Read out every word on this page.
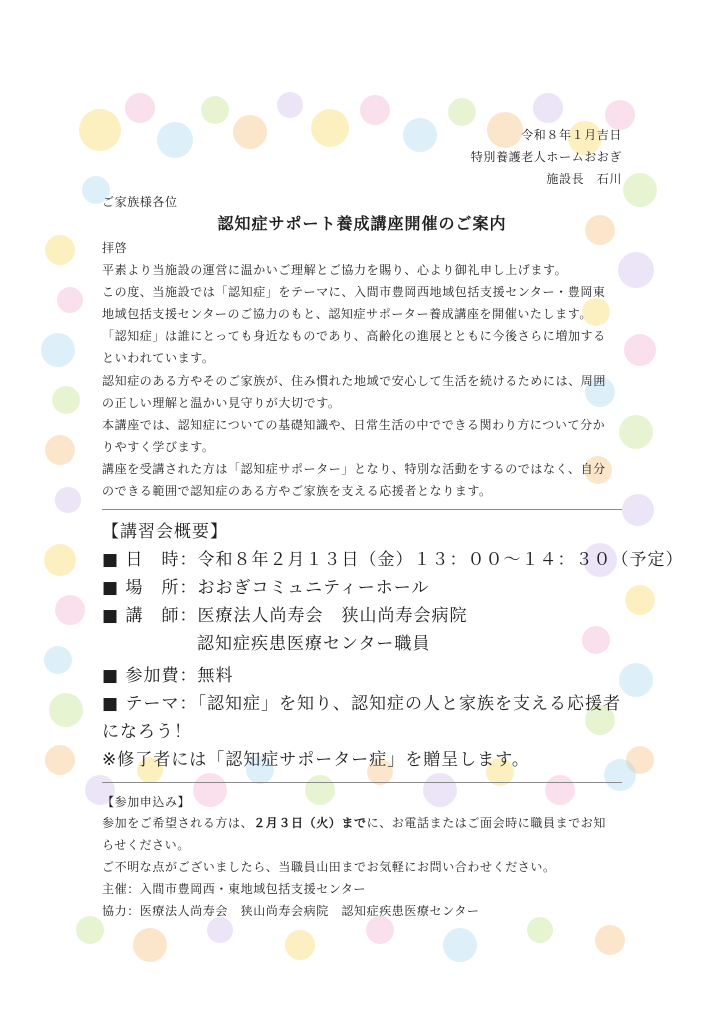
令和８年１月吉日
特別養護老人ホームおおぎ
施設長　石川
ご家族様各位
認知症サポート養成講座開催のご案内
拝啓
平素より当施設の運営に温かいご理解とご協力を賜り、心より御礼申し上げます。
この度、当施設では「認知症」をテーマに、入間市豊岡西地域包括支援センター・豊岡東
地域包括支援センターのご協力のもと、認知症サポーター養成講座を開催いたします。
「認知症」は誰にとっても身近なものであり、高齢化の進展とともに今後さらに増加する
といわれています。
認知症のある方やそのご家族が、住み慣れた地域で安心して生活を続けるためには、周囲
の正しい理解と温かい見守りが大切です。
本講座では、認知症についての基礎知識や、日常生活の中でできる関わり方について分か
りやすく学びます。
講座を受講された方は「認知症サポーター」となり、特別な活動をするのではなく、自分
のできる範囲で認知症のある方やご家族を支える応援者となります。
【講習会概要】
■ 日　時：令和８年２月１３日（金）１３：００〜１４：３０（予定）
■ 場　所：おおぎコミュニティーホール
■ 講　師：医療法人尚寿会　狭山尚寿会病院
認知症疾患医療センター職員
■ 参加費：無料
■ テーマ：「認知症」を知り、認知症の人と家族を支える応援者
になろう！
※修了者には「認知症サポーター症」を贈呈します。
【参加申込み】
参加をご希望される方は、２月３日（火）までに、お電話またはご面会時に職員までお知
らせください。
ご不明な点がございましたら、当職員山田までお気軽にお問い合わせください。
主催：入間市豊岡西・東地域包括支援センター
協力：医療法人尚寿会　狭山尚寿会病院　認知症疾患医療センター
